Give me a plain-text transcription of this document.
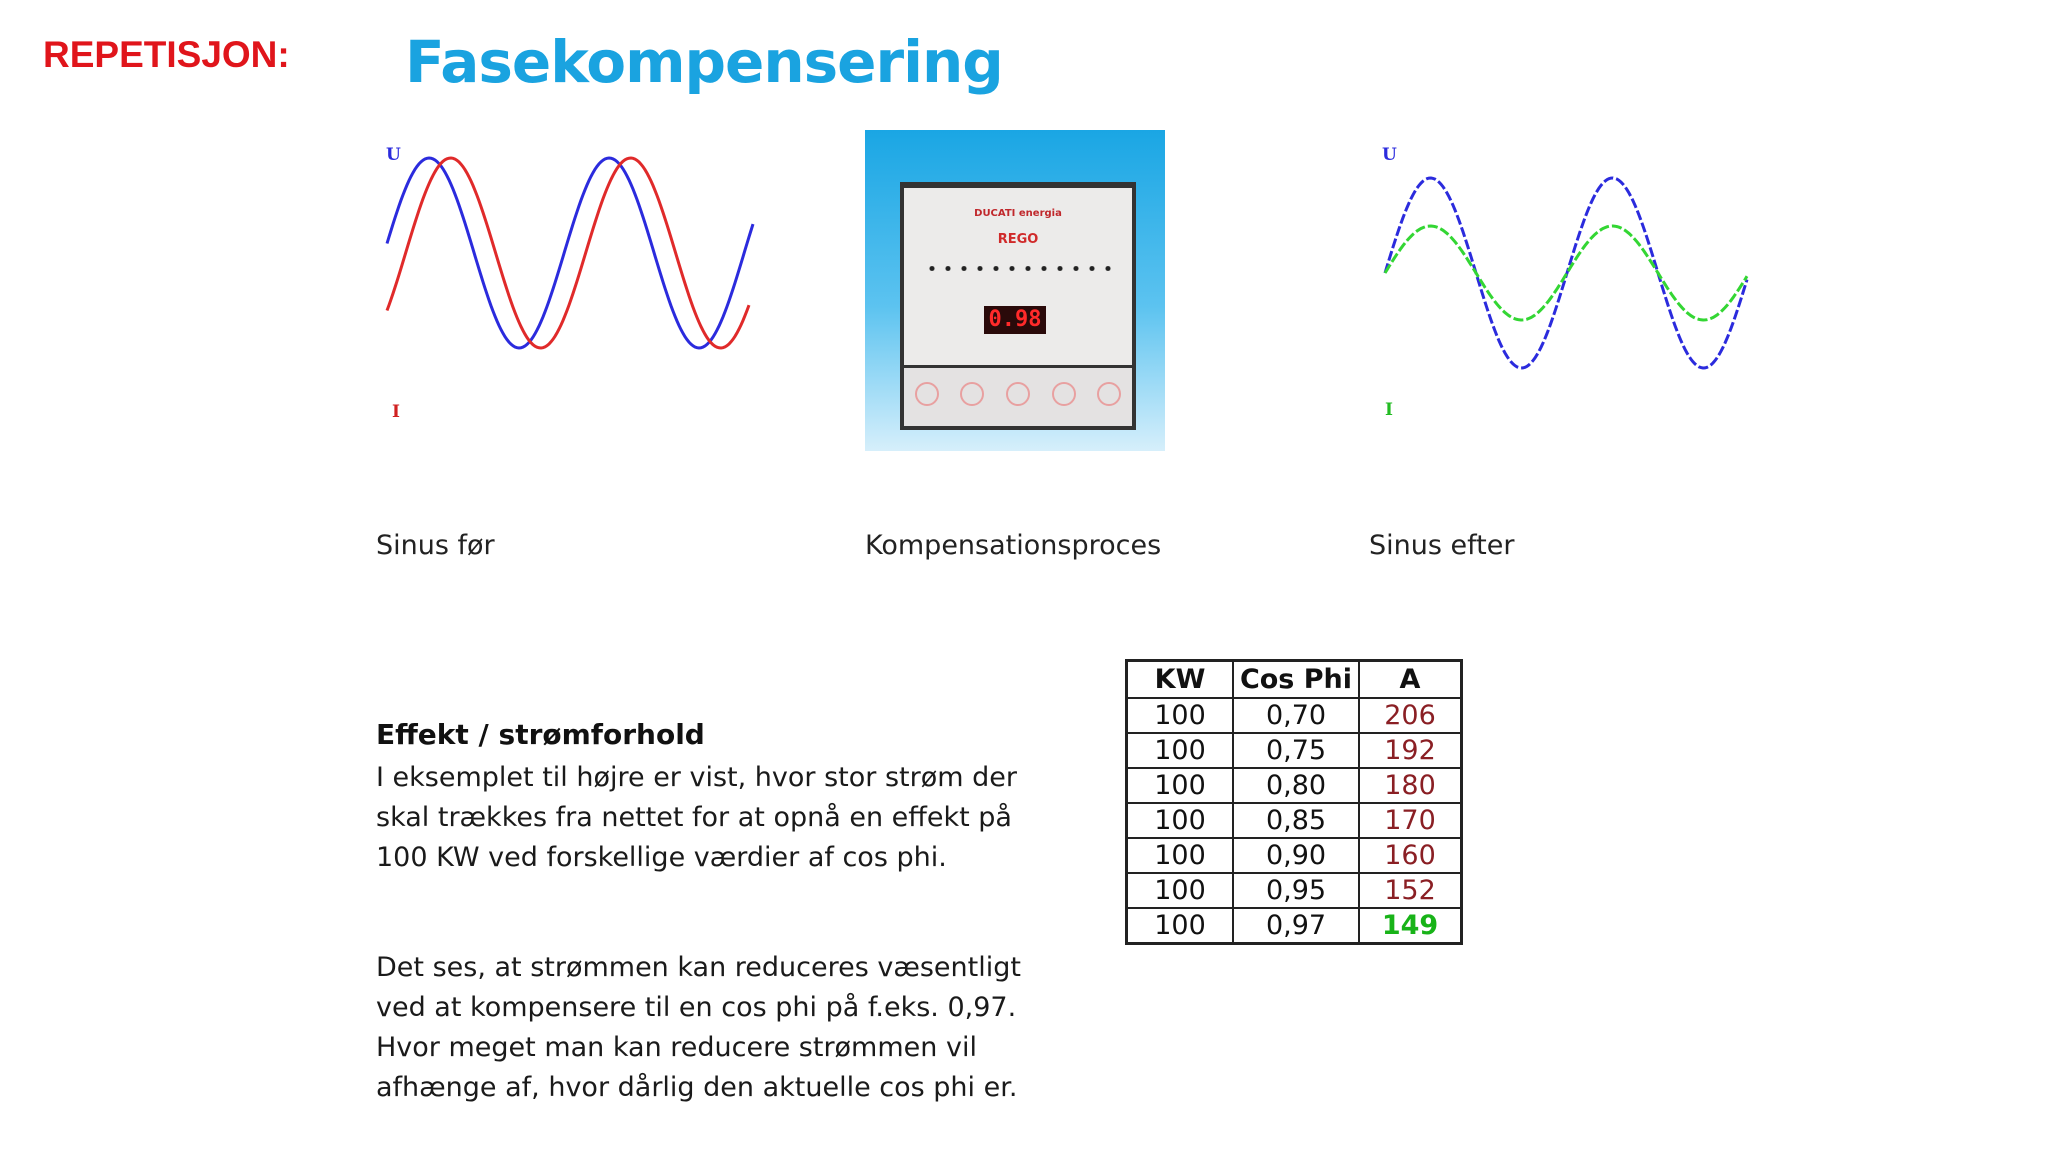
REPETISJON: Fasekompensering
U
I
DUCATI energia
REGO
0.98
U
I
Sinus før	Kompensationsproces	Sinus efter
Effekt / strømforhold
I eksemplet til højre er vist, hvor stor strøm der skal trækkes fra nettet for at opnå en effekt på 100 KW ved forskellige værdier af cos phi.
Det ses, at strømmen kan reduceres væsentligt ved at kompensere til en cos phi på f.eks. 0,97. Hvor meget man kan reducere strømmen vil afhænge af, hvor dårlig den aktuelle cos phi er.
KW	Cos Phi	A
100	0,70	206
100	0,75	192
100	0,80	180
100	0,85	170
100	0,90	160
100	0,95	152
100	0,97	149
